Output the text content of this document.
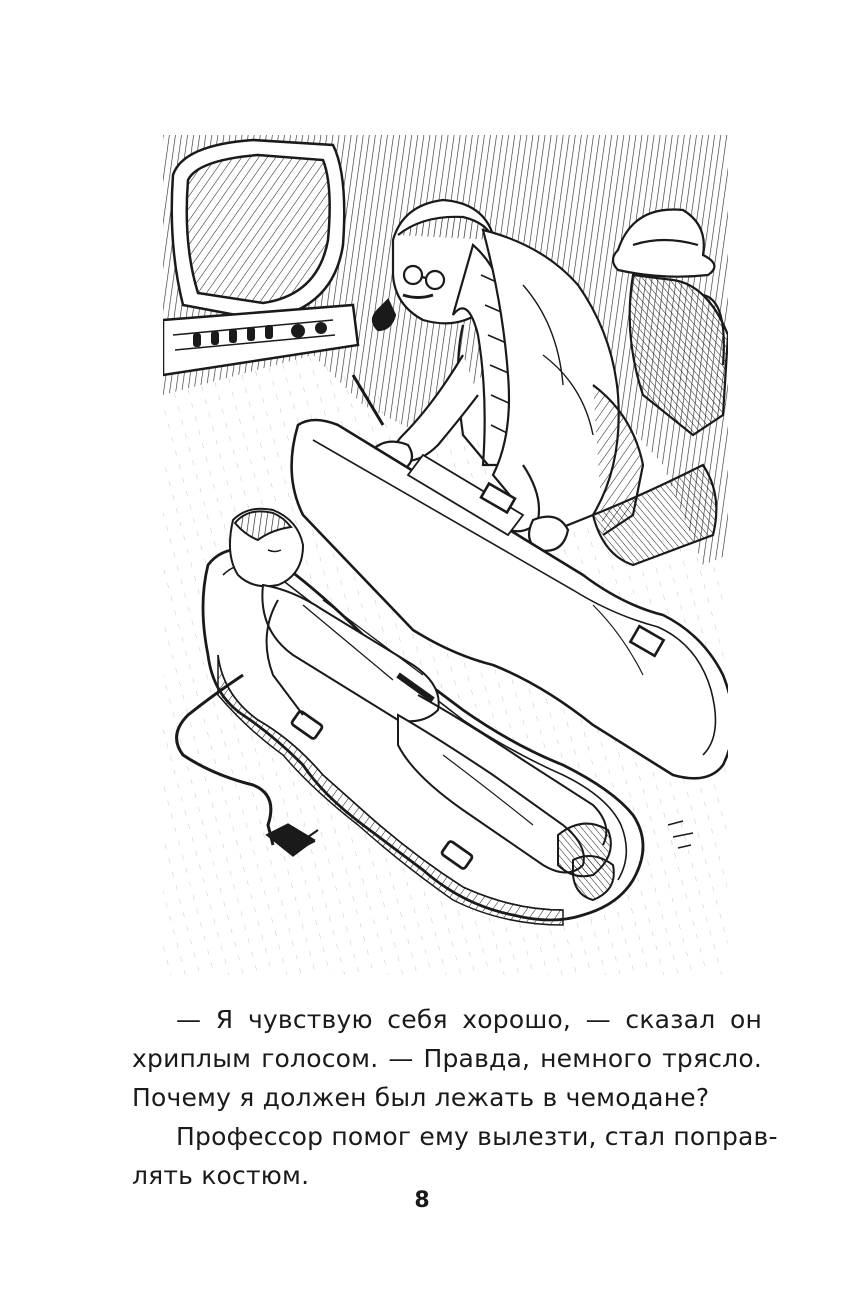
— Я чувствую себя хорошо, — сказал он
хриплым голосом. — Правда, немного трясло.
Почему я должен был лежать в чемодане?
Профессор помог ему вылезти, стал поправ-
лять костюм.
8
